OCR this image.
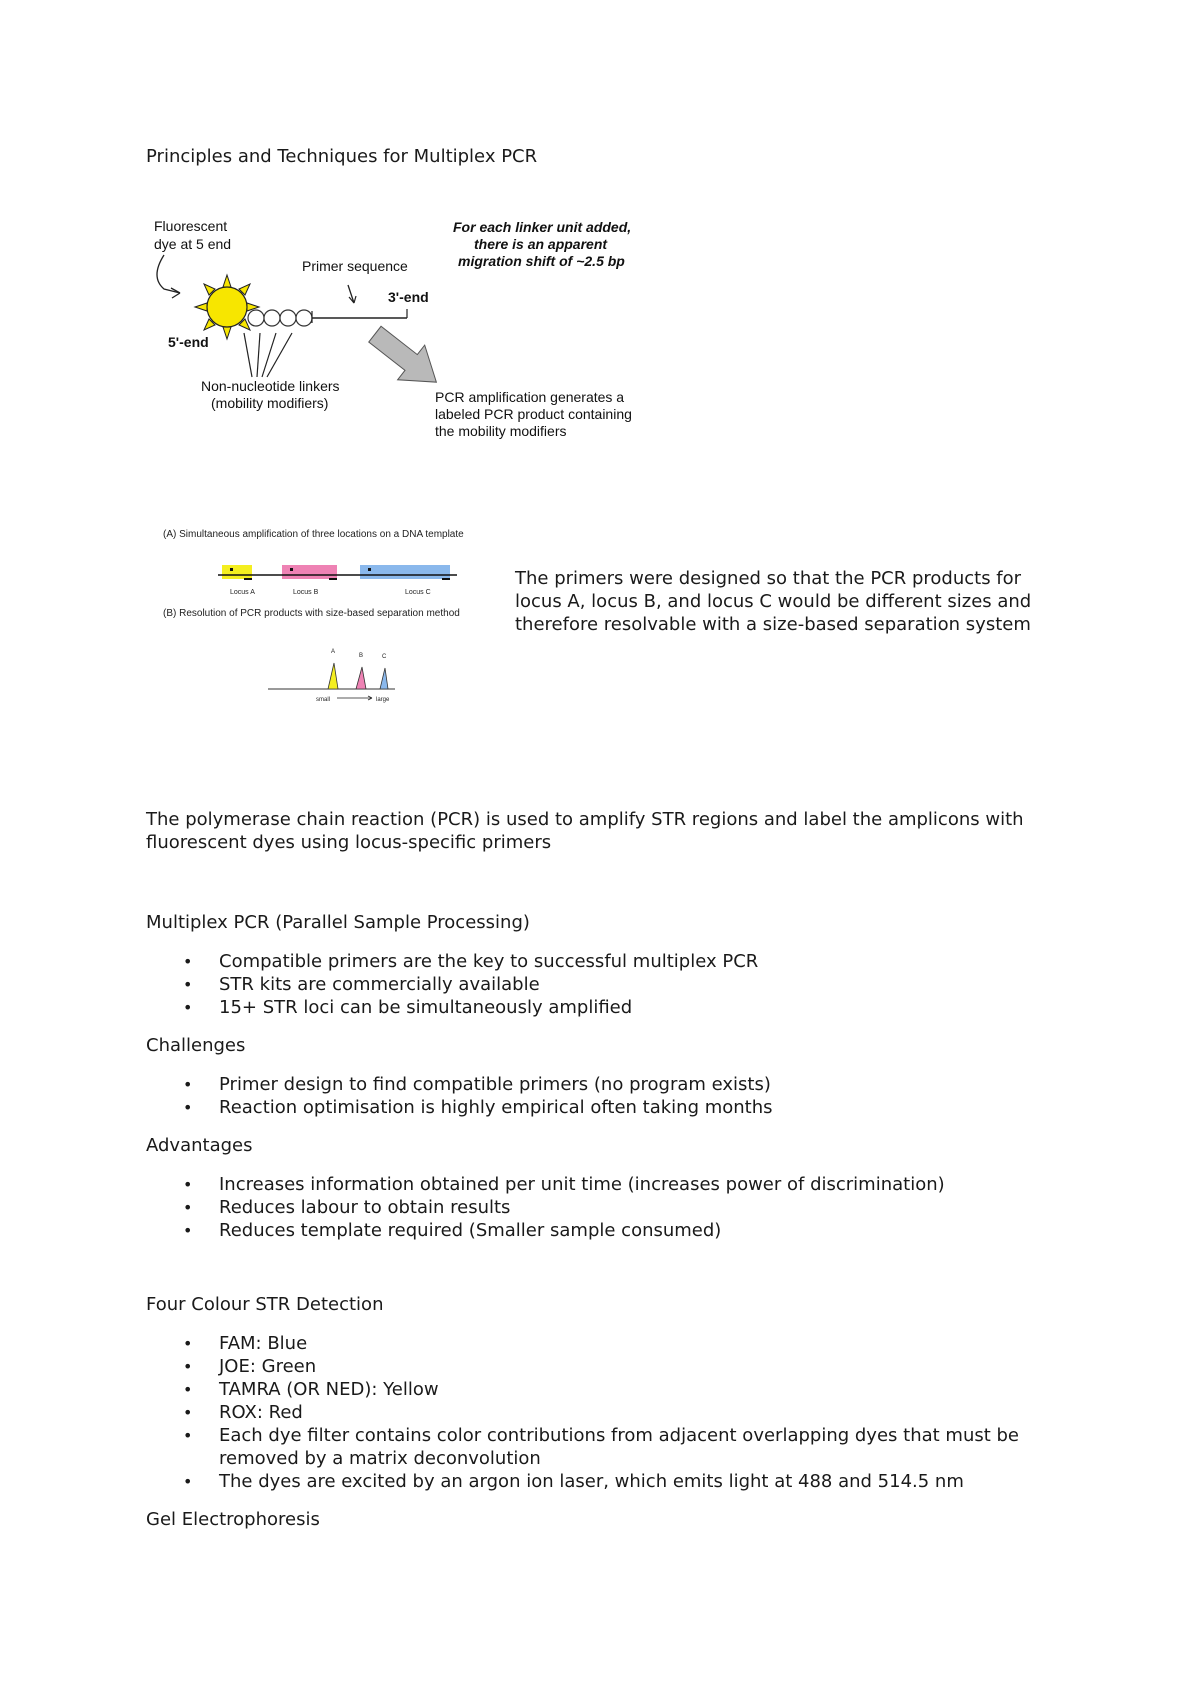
Principles and Techniques for Multiplex PCR
Fluorescent
dye at 5 end
Primer sequence
3'-end
5'-end
Non-nucleotide linkers
(mobility modifiers)
For each linker unit added,
there is an apparent
migration shift of ~2.5 bp
PCR amplification generates a
labeled PCR product containing
the mobility modifiers
(A) Simultaneous amplification of three locations on a DNA template
Locus A	Locus B	Locus C
(B) Resolution of PCR products with size-based separation method
A
B	C
small	large
The primers were designed so that the PCR products for locus A, locus B, and locus C would be different sizes and therefore resolvable with a size-based separation system
The polymerase chain reaction (PCR) is used to amplify STR regions and label the amplicons with fluorescent dyes using locus-specific primers
Multiplex PCR (Parallel Sample Processing)
• Compatible primers are the key to successful multiplex PCR
• STR kits are commercially available
• 15+ STR loci can be simultaneously amplified
Challenges
• Primer design to find compatible primers (no program exists)
• Reaction optimisation is highly empirical often taking months
Advantages
• Increases information obtained per unit time (increases power of discrimination)
• Reduces labour to obtain results
• Reduces template required (Smaller sample consumed)
Four Colour STR Detection
• FAM: Blue
• JOE: Green
• TAMRA (OR NED): Yellow
• ROX: Red
• Each dye filter contains color contributions from adjacent overlapping dyes that must be removed by a matrix deconvolution
• The dyes are excited by an argon ion laser, which emits light at 488 and 514.5 nm
Gel Electrophoresis
